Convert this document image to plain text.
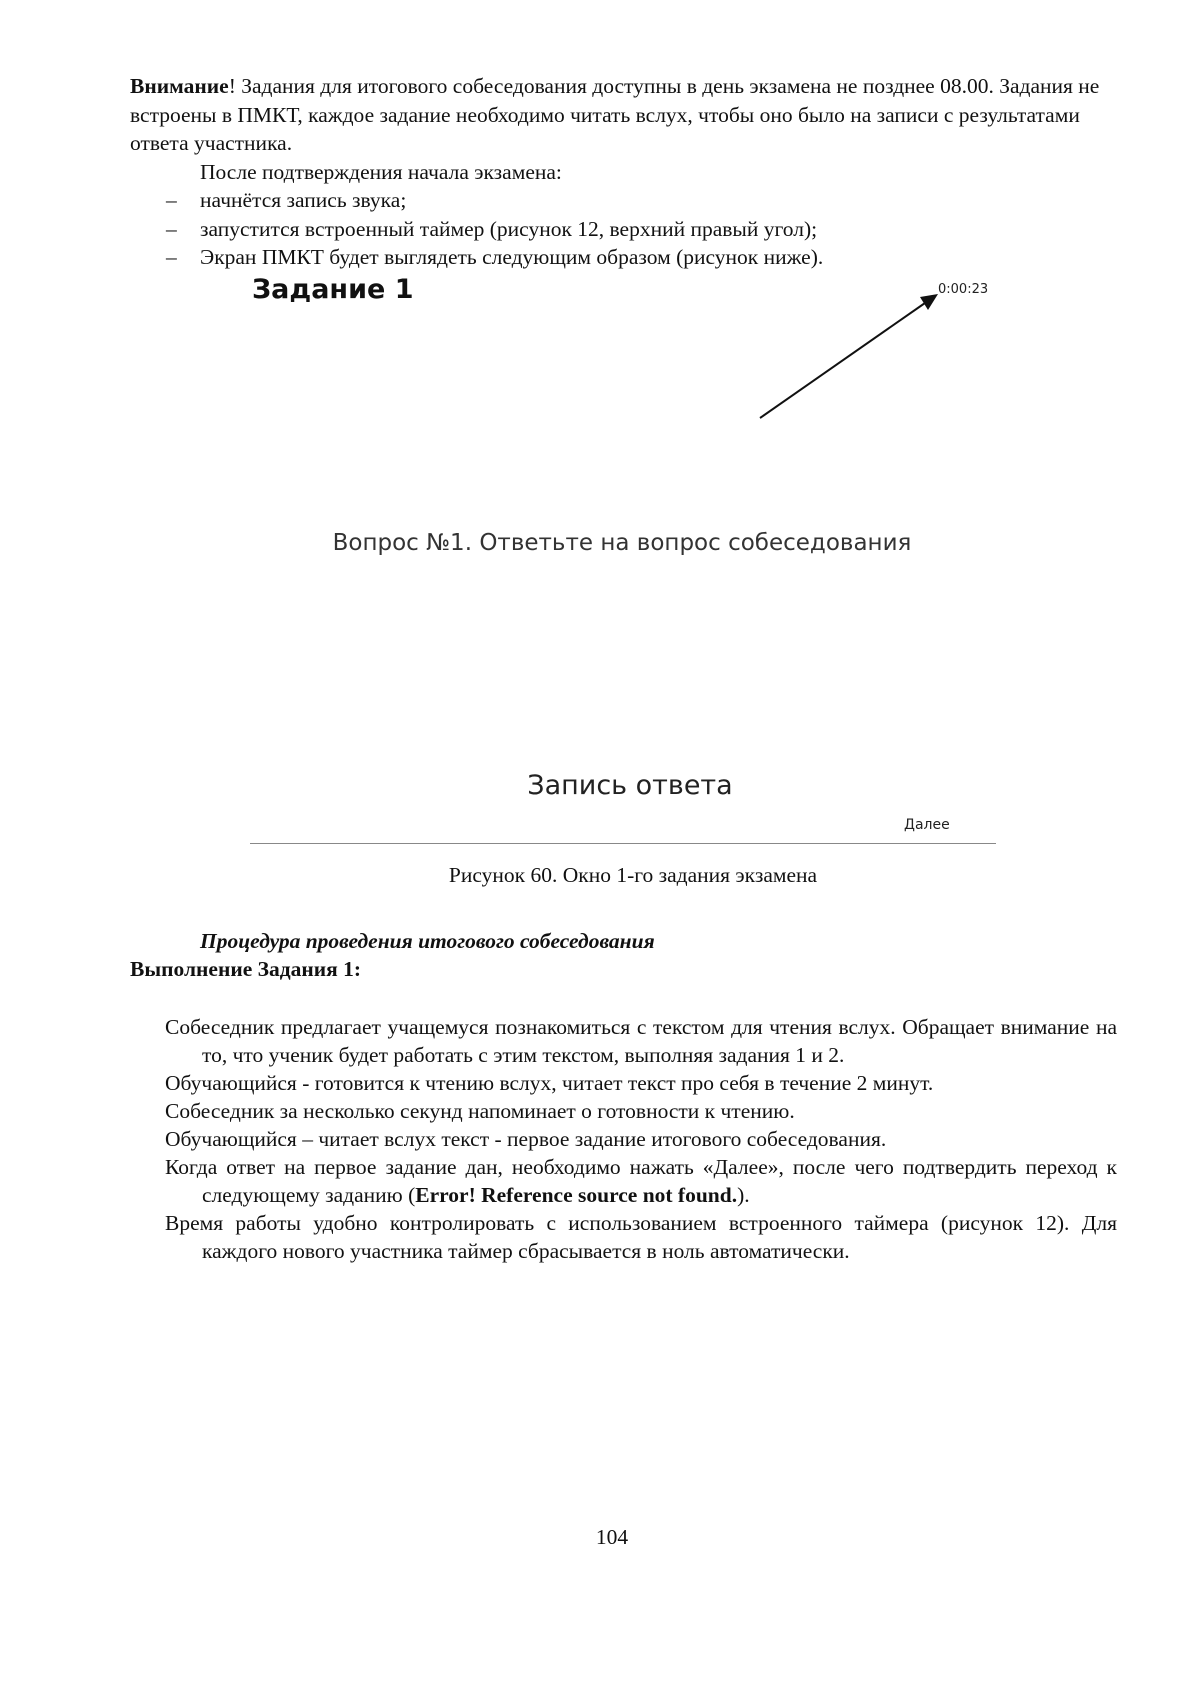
Внимание! Задания для итогового собеседования доступны в день экзамена не позднее 08.00. Задания не встроены в ПМКТ, каждое задание необходимо читать вслух, чтобы оно было на записи с результатами ответа участника.

После подтверждения начала экзамена:

– начнётся запись звука;
– запустится встроенный таймер (рисунок 12, верхний правый угол);
– Экран ПМКТ будет выглядеть следующим образом (рисунок ниже).
Задание 1	0:00:23
Вопрос №1. Ответьте на вопрос собеседования
Запись ответа
Далее
Рисунок 60. Окно 1-го задания экзамена
Процедура проведения итогового собеседования
Выполнение Задания 1:

Собеседник предлагает учащемуся познакомиться с текстом для чтения вслух. Обращает внимание на то, что ученик будет работать с этим текстом, выполняя задания 1 и 2.

Обучающийся - готовится к чтению вслух, читает текст про себя в течение 2 минут.

Собеседник за несколько секунд напоминает о готовности к чтению.

Обучающийся – читает вслух текст - первое задание итогового собеседования.

Когда ответ на первое задание дан, необходимо нажать «Далее», после чего подтвердить переход к следующему заданию (Error! Reference source not found.).

Время работы удобно контролировать с использованием встроенного таймера (рисунок 12). Для каждого нового участника таймер сбрасывается в ноль автоматически.

104
